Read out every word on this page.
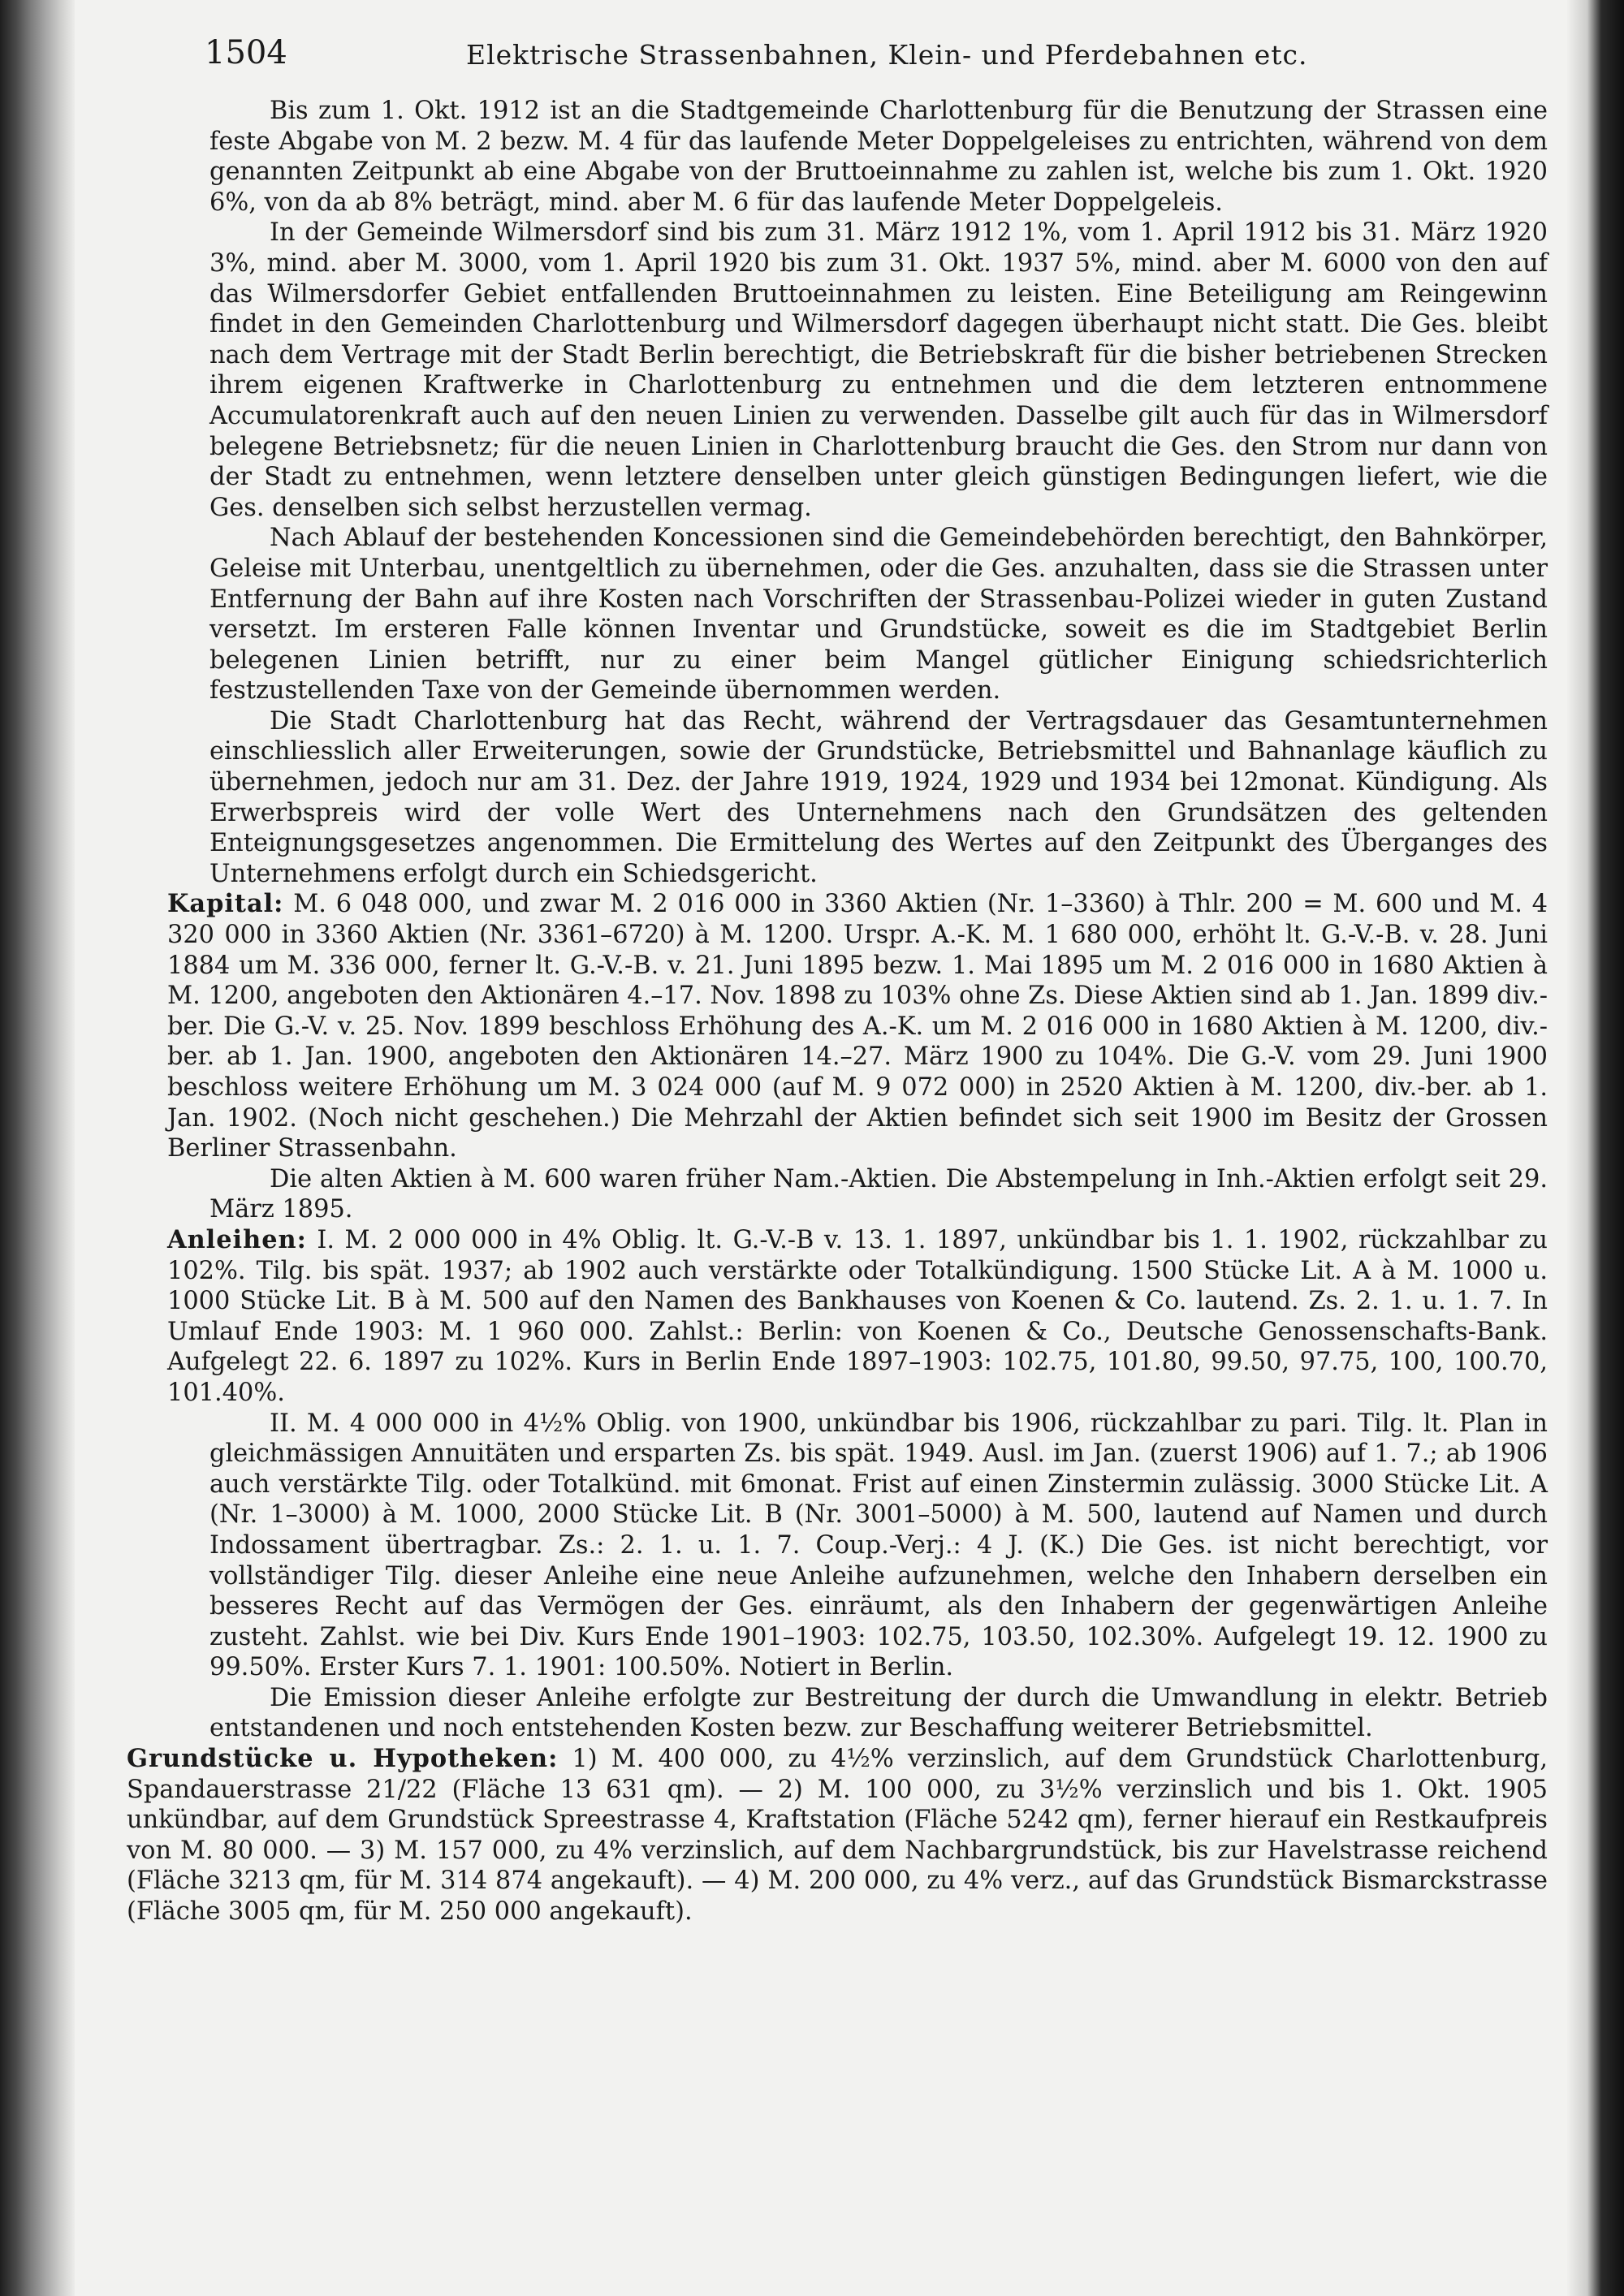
1504	Elektrische Strassenbahnen, Klein- und Pferdebahnen etc.

Bis zum 1. Okt. 1912 ist an die Stadtgemeinde Charlottenburg für die Benutzung der Strassen eine feste Abgabe von M. 2 bezw. M. 4 für das laufende Meter Doppelgeleises zu entrichten, während von dem genannten Zeitpunkt ab eine Abgabe von der Bruttoeinnahme zu zahlen ist, welche bis zum 1. Okt. 1920 6%, von da ab 8% beträgt, mind. aber M. 6 für das laufende Meter Doppelgeleis.

In der Gemeinde Wilmersdorf sind bis zum 31. März 1912 1%, vom 1. April 1912 bis 31. März 1920 3%, mind. aber M. 3000, vom 1. April 1920 bis zum 31. Okt. 1937 5%, mind. aber M. 6000 von den auf das Wilmersdorfer Gebiet entfallenden Bruttoeinnahmen zu leisten. Eine Beteiligung am Reingewinn findet in den Gemeinden Charlottenburg und Wilmersdorf dagegen überhaupt nicht statt. Die Ges. bleibt nach dem Vertrage mit der Stadt Berlin berechtigt, die Betriebskraft für die bisher betriebenen Strecken ihrem eigenen Kraftwerke in Charlottenburg zu entnehmen und die dem letzteren entnommene Accumulatorenkraft auch auf den neuen Linien zu verwenden. Dasselbe gilt auch für das in Wilmersdorf belegene Betriebsnetz; für die neuen Linien in Charlottenburg braucht die Ges. den Strom nur dann von der Stadt zu entnehmen, wenn letztere denselben unter gleich günstigen Bedingungen liefert, wie die Ges. denselben sich selbst herzustellen vermag.

Nach Ablauf der bestehenden Koncessionen sind die Gemeindebehörden berechtigt, den Bahnkörper, Geleise mit Unterbau, unentgeltlich zu übernehmen, oder die Ges. anzuhalten, dass sie die Strassen unter Entfernung der Bahn auf ihre Kosten nach Vorschriften der Strassenbau-Polizei wieder in guten Zustand versetzt. Im ersteren Falle können Inventar und Grundstücke, soweit es die im Stadtgebiet Berlin belegenen Linien betrifft, nur zu einer beim Mangel gütlicher Einigung schiedsrichterlich festzustellenden Taxe von der Gemeinde übernommen werden.

Die Stadt Charlottenburg hat das Recht, während der Vertragsdauer das Gesamtunternehmen einschliesslich aller Erweiterungen, sowie der Grundstücke, Betriebsmittel und Bahnanlage käuflich zu übernehmen, jedoch nur am 31. Dez. der Jahre 1919, 1924, 1929 und 1934 bei 12monat. Kündigung. Als Erwerbspreis wird der volle Wert des Unternehmens nach den Grundsätzen des geltenden Enteignungsgesetzes angenommen. Die Ermittelung des Wertes auf den Zeitpunkt des Überganges des Unternehmens erfolgt durch ein Schiedsgericht.

Kapital: M. 6 048 000, und zwar M. 2 016 000 in 3360 Aktien (Nr. 1–3360) à Thlr. 200 = M. 600 und M. 4 320 000 in 3360 Aktien (Nr. 3361–6720) à M. 1200. Urspr. A.-K. M. 1 680 000, erhöht lt. G.-V.-B. v. 28. Juni 1884 um M. 336 000, ferner lt. G.-V.-B. v. 21. Juni 1895 bezw. 1. Mai 1895 um M. 2 016 000 in 1680 Aktien à M. 1200, angeboten den Aktionären 4.–17. Nov. 1898 zu 103% ohne Zs. Diese Aktien sind ab 1. Jan. 1899 div.-ber. Die G.-V. v. 25. Nov. 1899 beschloss Erhöhung des A.-K. um M. 2 016 000 in 1680 Aktien à M. 1200, div.-ber. ab 1. Jan. 1900, angeboten den Aktionären 14.–27. März 1900 zu 104%. Die G.-V. vom 29. Juni 1900 beschloss weitere Erhöhung um M. 3 024 000 (auf M. 9 072 000) in 2520 Aktien à M. 1200, div.-ber. ab 1. Jan. 1902. (Noch nicht geschehen.) Die Mehrzahl der Aktien befindet sich seit 1900 im Besitz der Grossen Berliner Strassenbahn.

Die alten Aktien à M. 600 waren früher Nam.-Aktien. Die Abstempelung in Inh.-Aktien erfolgt seit 29. März 1895.

Anleihen: I. M. 2 000 000 in 4% Oblig. lt. G.-V.-B v. 13. 1. 1897, unkündbar bis 1. 1. 1902, rückzahlbar zu 102%. Tilg. bis spät. 1937; ab 1902 auch verstärkte oder Totalkündigung. 1500 Stücke Lit. A à M. 1000 u. 1000 Stücke Lit. B à M. 500 auf den Namen des Bankhauses von Koenen & Co. lautend. Zs. 2. 1. u. 1. 7. In Umlauf Ende 1903: M. 1 960 000. Zahlst.: Berlin: von Koenen & Co., Deutsche Genossenschafts-Bank. Aufgelegt 22. 6. 1897 zu 102%. Kurs in Berlin Ende 1897–1903: 102.75, 101.80, 99.50, 97.75, 100, 100.70, 101.40%.

II. M. 4 000 000 in 4½% Oblig. von 1900, unkündbar bis 1906, rückzahlbar zu pari. Tilg. lt. Plan in gleichmässigen Annuitäten und ersparten Zs. bis spät. 1949. Ausl. im Jan. (zuerst 1906) auf 1. 7.; ab 1906 auch verstärkte Tilg. oder Totalkünd. mit 6monat. Frist auf einen Zinstermin zulässig. 3000 Stücke Lit. A (Nr. 1–3000) à M. 1000, 2000 Stücke Lit. B (Nr. 3001–5000) à M. 500, lautend auf Namen und durch Indossament übertragbar. Zs.: 2. 1. u. 1. 7. Coup.-Verj.: 4 J. (K.) Die Ges. ist nicht berechtigt, vor vollständiger Tilg. dieser Anleihe eine neue Anleihe aufzunehmen, welche den Inhabern derselben ein besseres Recht auf das Vermögen der Ges. einräumt, als den Inhabern der gegenwärtigen Anleihe zusteht. Zahlst. wie bei Div. Kurs Ende 1901–1903: 102.75, 103.50, 102.30%. Aufgelegt 19. 12. 1900 zu 99.50%. Erster Kurs 7. 1. 1901: 100.50%. Notiert in Berlin.

Die Emission dieser Anleihe erfolgte zur Bestreitung der durch die Umwandlung in elektr. Betrieb entstandenen und noch entstehenden Kosten bezw. zur Beschaffung weiterer Betriebsmittel.

Grundstücke u. Hypotheken: 1) M. 400 000, zu 4½% verzinslich, auf dem Grundstück Charlottenburg, Spandauerstrasse 21/22 (Fläche 13 631 qm). — 2) M. 100 000, zu 3½% verzinslich und bis 1. Okt. 1905 unkündbar, auf dem Grundstück Spreestrasse 4, Kraftstation (Fläche 5242 qm), ferner hierauf ein Restkaufpreis von M. 80 000. — 3) M. 157 000, zu 4% verzinslich, auf dem Nachbargrundstück, bis zur Havelstrasse reichend (Fläche 3213 qm, für M. 314 874 angekauft). — 4) M. 200 000, zu 4% verz., auf das Grundstück Bismarckstrasse (Fläche 3005 qm, für M. 250 000 angekauft).
